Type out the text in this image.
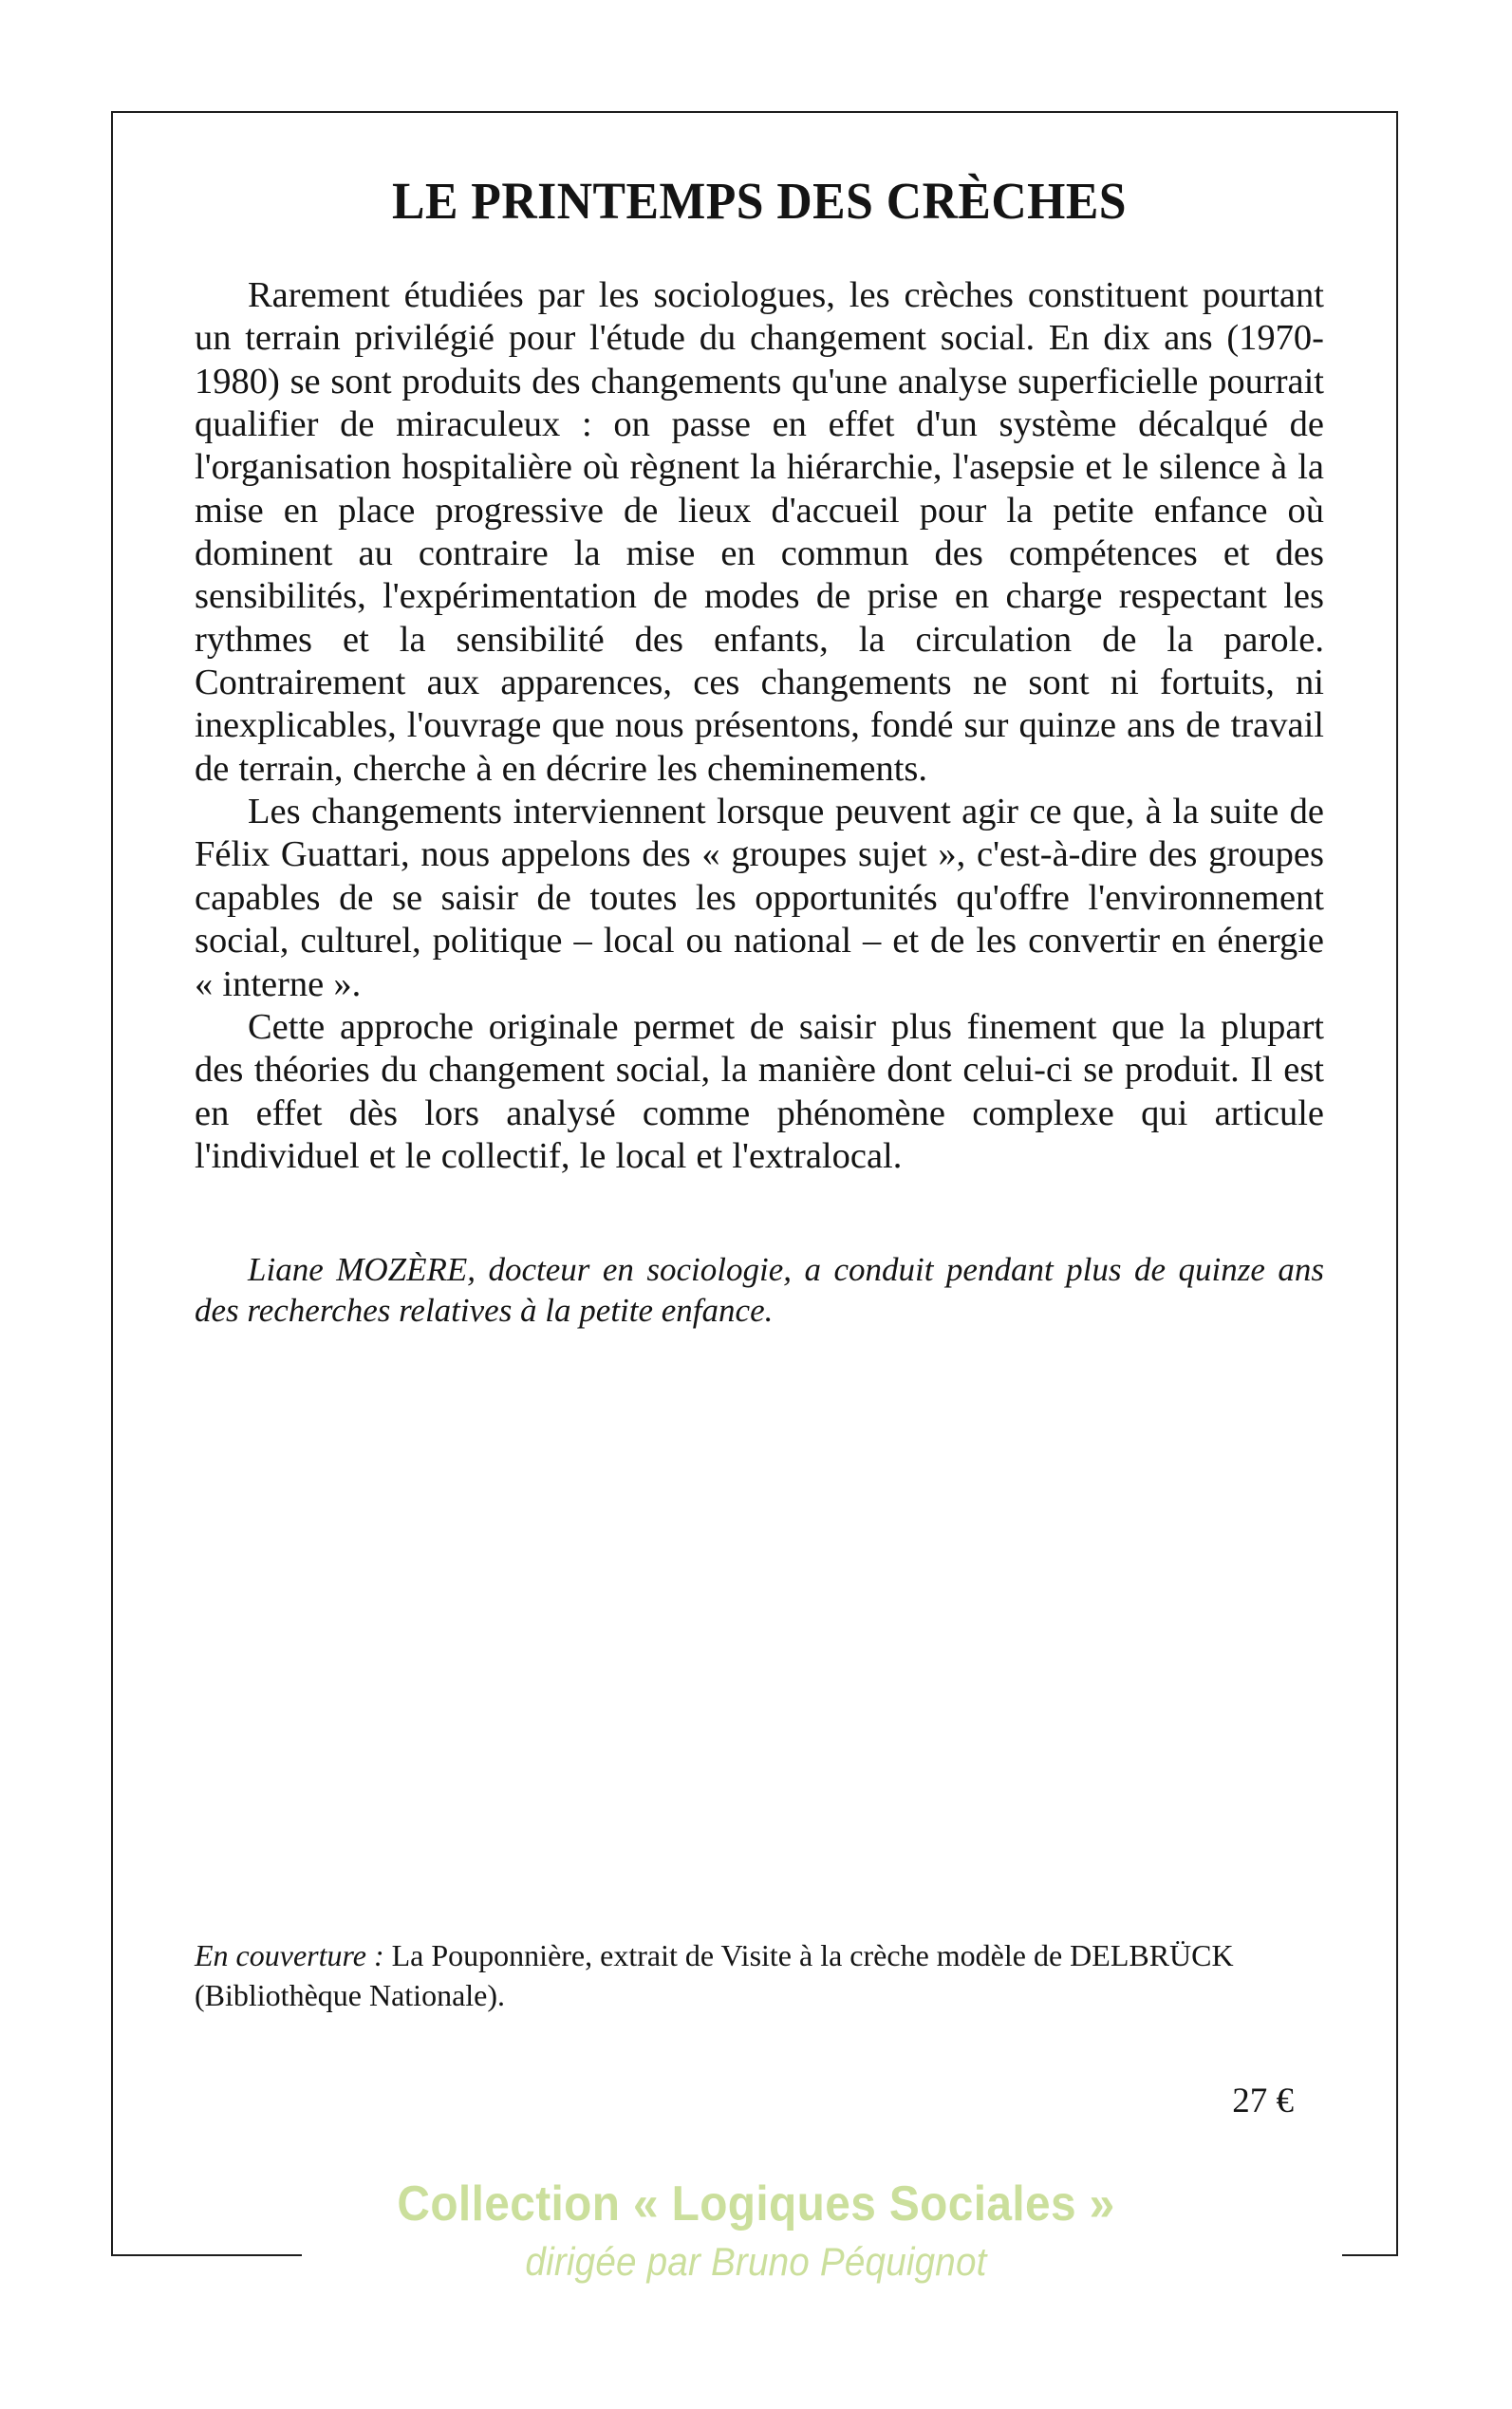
LE PRINTEMPS DES CRÈCHES

Rarement étudiées par les sociologues, les crèches constituent pourtant un terrain privilégié pour l'étude du changement social. En dix ans (1970-1980) se sont produits des changements qu'une analyse superficielle pourrait qualifier de miraculeux : on passe en effet d'un système décalqué de l'organisation hospitalière où règnent la hiérarchie, l'asepsie et le silence à la mise en place progressive de lieux d'accueil pour la petite enfance où dominent au contraire la mise en commun des compétences et des sensibilités, l'expérimentation de modes de prise en charge respectant les rythmes et la sensibilité des enfants, la circulation de la parole. Contrairement aux apparences, ces changements ne sont ni fortuits, ni inexplicables, l'ouvrage que nous présentons, fondé sur quinze ans de travail de terrain, cherche à en décrire les cheminements.

Les changements interviennent lorsque peuvent agir ce que, à la suite de Félix Guattari, nous appelons des « groupes sujet », c'est-à-dire des groupes capables de se saisir de toutes les opportunités qu'offre l'environnement social, culturel, politique – local ou national – et de les convertir en énergie « interne ».

Cette approche originale permet de saisir plus finement que la plupart des théories du changement social, la manière dont celui-ci se produit. Il est en effet dès lors analysé comme phénomène complexe qui articule l'individuel et le collectif, le local et l'extralocal.

Liane MOZÈRE, docteur en sociologie, a conduit pendant plus de quinze ans des recherches relatives à la petite enfance.

En couverture : La Pouponnière, extrait de Visite à la crèche modèle de DELBRÜCK (Bibliothèque Nationale).
27 €
Collection « Logiques Sociales »
dirigée par Bruno Péquignot
